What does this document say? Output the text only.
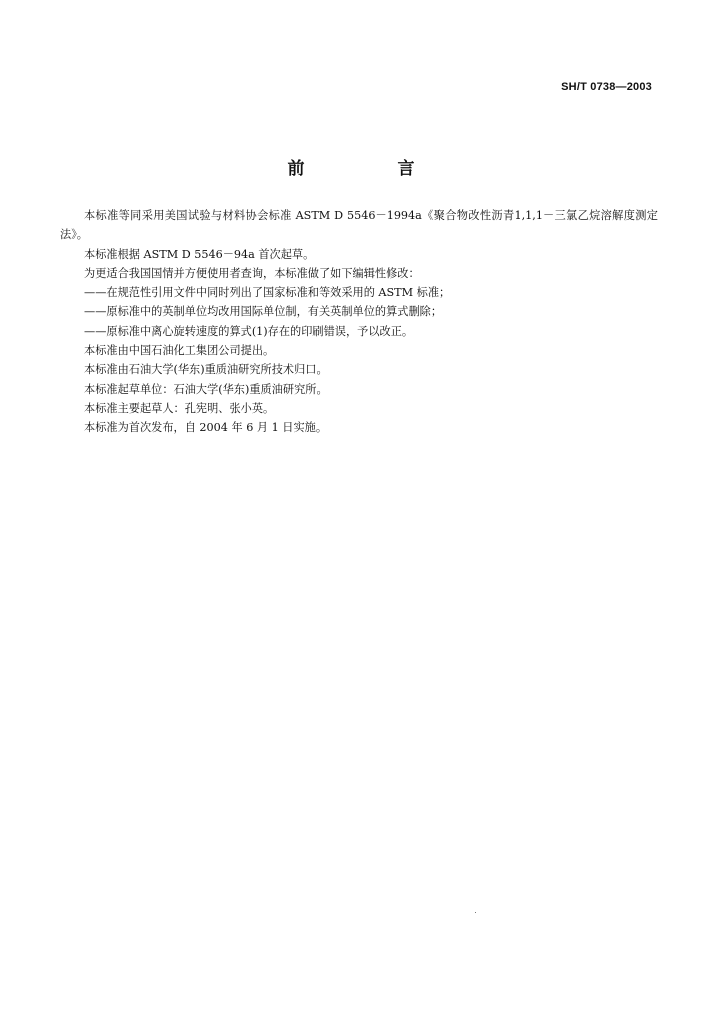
SH/T 0738—2003
前　言

本标准等同采用美国试验与材料协会标准 ASTM D 5546－1994a《聚合物改性沥青1,1,1－三氯乙烷溶解度测定法》。

本标准根据 ASTM D 5546－94a 首次起草。

为更适合我国国情并方便使用者查询，本标准做了如下编辑性修改：

——在规范性引用文件中同时列出了国家标准和等效采用的 ASTM 标准；

——原标准中的英制单位均改用国际单位制，有关英制单位的算式删除；

——原标准中离心旋转速度的算式(1)存在的印刷错误，予以改正。

本标准由中国石油化工集团公司提出。

本标准由石油大学(华东)重质油研究所技术归口。

本标准起草单位：石油大学(华东)重质油研究所。

本标准主要起草人：孔宪明、张小英。

本标准为首次发布，自 2004 年 6 月 1 日实施。
